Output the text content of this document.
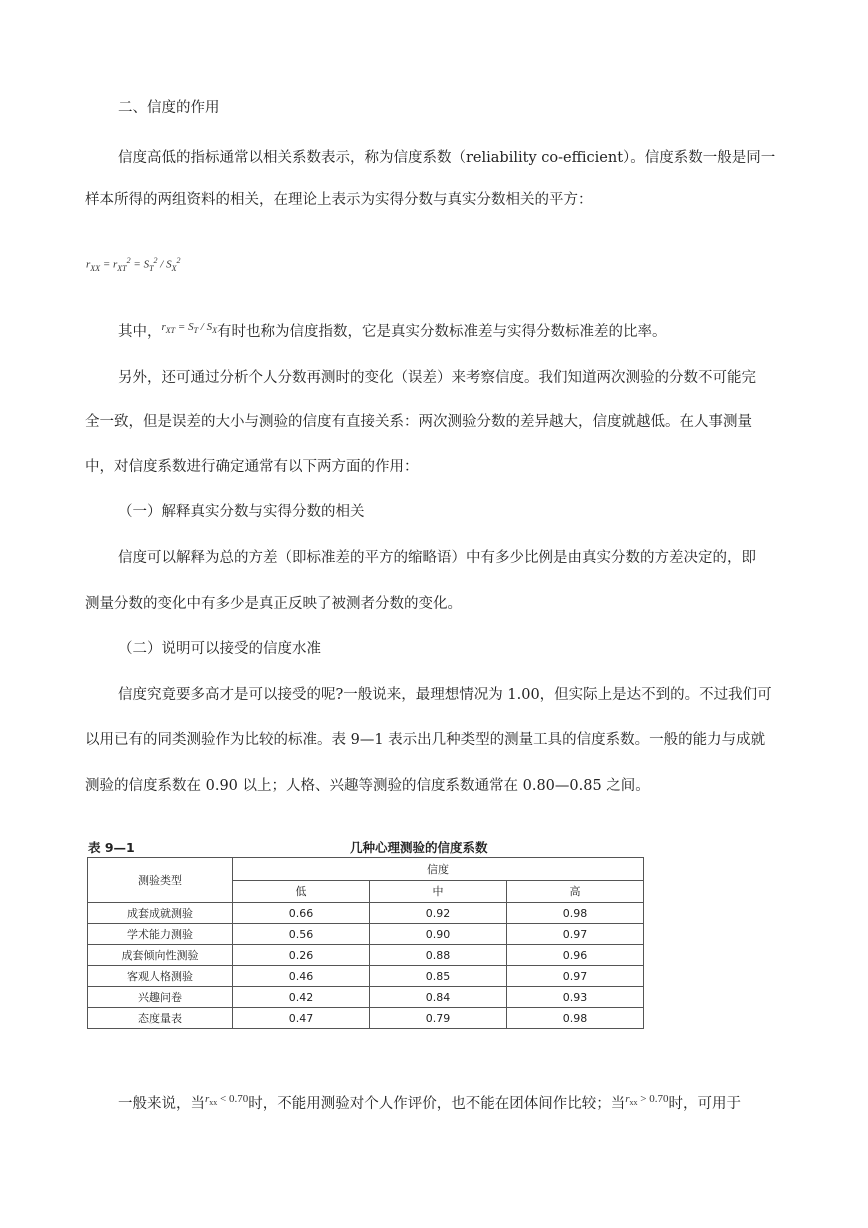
二、信度的作用
信度高低的指标通常以相关系数表示，称为信度系数（reliability co-efficient）。信度系数一般是同一
样本所得的两组资料的相关，在理论上表示为实得分数与真实分数相关的平方：
$r_{XX} = r_{XT}^2 = S_T^2 / S_X^2$
其中，$^{r_{XT} = S_T / S_X}$有时也称为信度指数，它是真实分数标准差与实得分数标准差的比率。
另外，还可通过分析个人分数再测时的变化（误差）来考察信度。我们知道两次测验的分数不可能完
全一致，但是误差的大小与测验的信度有直接关系：两次测验分数的差异越大，信度就越低。在人事测量
中，对信度系数进行确定通常有以下两方面的作用：
（一）解释真实分数与实得分数的相关
信度可以解释为总的方差（即标准差的平方的缩略语）中有多少比例是由真实分数的方差决定的，即
测量分数的变化中有多少是真正反映了被测者分数的变化。
（二）说明可以接受的信度水准
信度究竟要多高才是可以接受的呢?一般说来，最理想情况为 1.00，但实际上是达不到的。不过我们可
以用已有的同类测验作为比较的标准。表 9—1 表示出几种类型的测量工具的信度系数。一般的能力与成就
测验的信度系数在 0.90 以上；人格、兴趣等测验的信度系数通常在 0.80—0.85 之间。
表 9—1	几种心理测验的信度系数
测验类型	信度		
	低	中	高
成套成就测验	0.66	0.92	0.98
学术能力测验	0.56	0.90	0.97
成套倾向性测验	0.26	0.88	0.96
客观人格测验	0.46	0.85	0.97
兴趣问卷	0.42	0.84	0.93
态度量表	0.47	0.79	0.98
一般来说，当$^{r_{xx} < 0.70}$时，不能用测验对个人作评价，也不能在团体间作比较；当$^{r_{xx} > 0.70}$时，可用于
